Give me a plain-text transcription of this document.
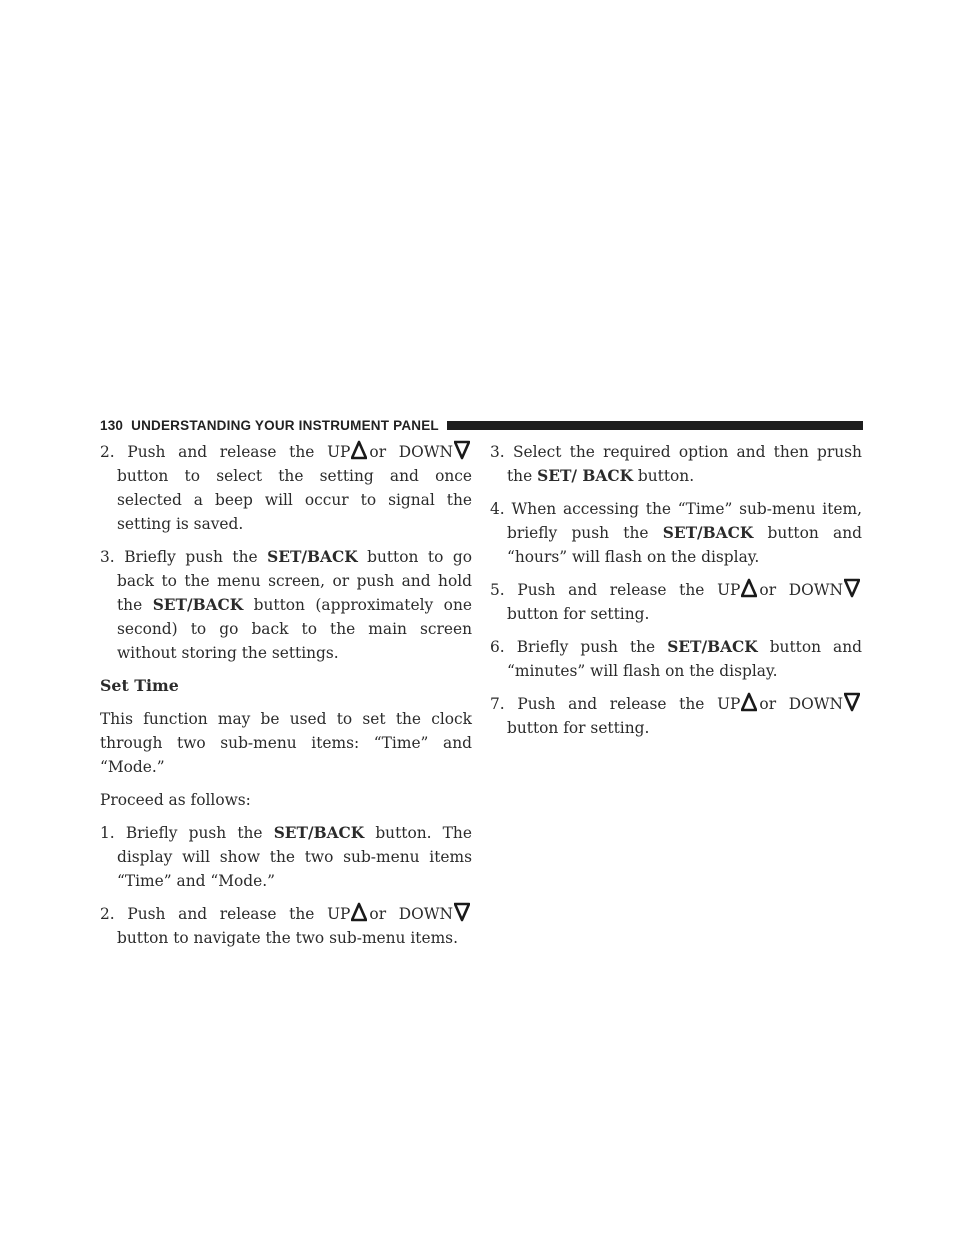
130 UNDERSTANDING YOUR INSTRUMENT PANEL
2. Push and release the UP or DOWN
button to select the setting and once selected a beep will occur to signal the setting is saved.
3. Briefly push the SET/BACK button to go back to the menu screen, or push and hold the SET/BACK button (approximately one second) to go back to the main screen without storing the settings.
Set Time
This function may be used to set the clock through two sub-menu items: “Time” and “Mode.”
Proceed as follows:
1. Briefly push the SET/BACK button. The display will show the two sub-menu items “Time” and “Mode.”
2. Push and release the UP or DOWN
button to navigate the two sub-menu items.
3. Select the required option and then prush the SET/ BACK button.
4. When accessing the “Time” sub-menu item, briefly push the SET/BACK button and “hours” will flash on the display.
5. Push and release the UP or DOWN
button for setting.
6. Briefly push the SET/BACK button and “minutes” will flash on the display.
7. Push and release the UP or DOWN
button for setting.
